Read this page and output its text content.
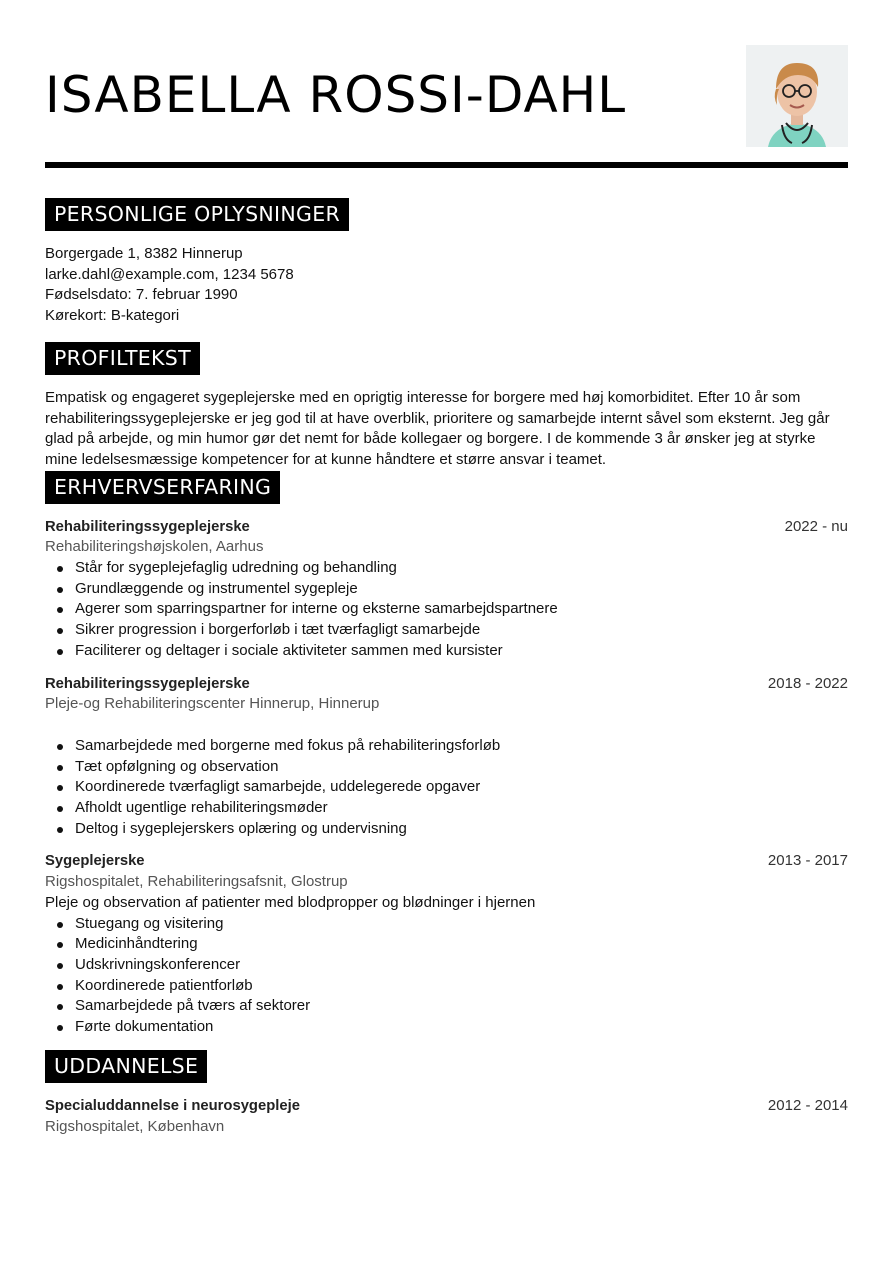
ISABELLA ROSSI-DAHL
PERSONLIGE OPLYSNINGER

Borgergade 1, 8382 Hinnerup

larke.dahl@example.com, 1234 5678

Fødselsdato: 7. februar 1990

Kørekort: B-kategori

PROFILTEKST

Empatisk og engageret sygeplejerske med en oprigtig interesse for borgere med høj komorbiditet. Efter 10 år som rehabiliteringssygeplejerske er jeg god til at have overblik, prioritere og samarbejde internt såvel som eksternt. Jeg går glad på arbejde, og min humor gør det nemt for både kollegaer og borgere. I de kommende 3 år ønsker jeg at styrke mine ledelsesmæssige kompetencer for at kunne håndtere et større ansvar i teamet.

ERHVERVSERFARING
Rehabiliteringssygeplejerske	2022 - nu

Rehabiliteringshøjskolen, Aarhus

Står for sygeplejefaglig udredning og behandling
Grundlæggende og instrumentel sygepleje
Agerer som sparringspartner for interne og eksterne samarbejdspartnere
Sikrer progression i borgerforløb i tæt tværfagligt samarbejde
Faciliterer og deltager i sociale aktiviteter sammen med kursister
Rehabiliteringssygeplejerske	2018 - 2022

Pleje-og Rehabiliteringscenter Hinnerup, Hinnerup

Samarbejdede med borgerne med fokus på rehabiliteringsforløb
Tæt opfølgning og observation
Koordinerede tværfagligt samarbejde, uddelegerede opgaver
Afholdt ugentlige rehabiliteringsmøder
Deltog i sygeplejerskers oplæring og undervisning
Sygeplejerske	2013 - 2017

Rigshospitalet, Rehabiliteringsafsnit, Glostrup

Pleje og observation af patienter med blodpropper og blødninger i hjernen

Stuegang og visitering
Medicinhåndtering
Udskrivningskonferencer
Koordinerede patientforløb
Samarbejdede på tværs af sektorer
Førte dokumentation
UDDANNELSE
Specialuddannelse i neurosygepleje	2012 - 2014

Rigshospitalet, København
